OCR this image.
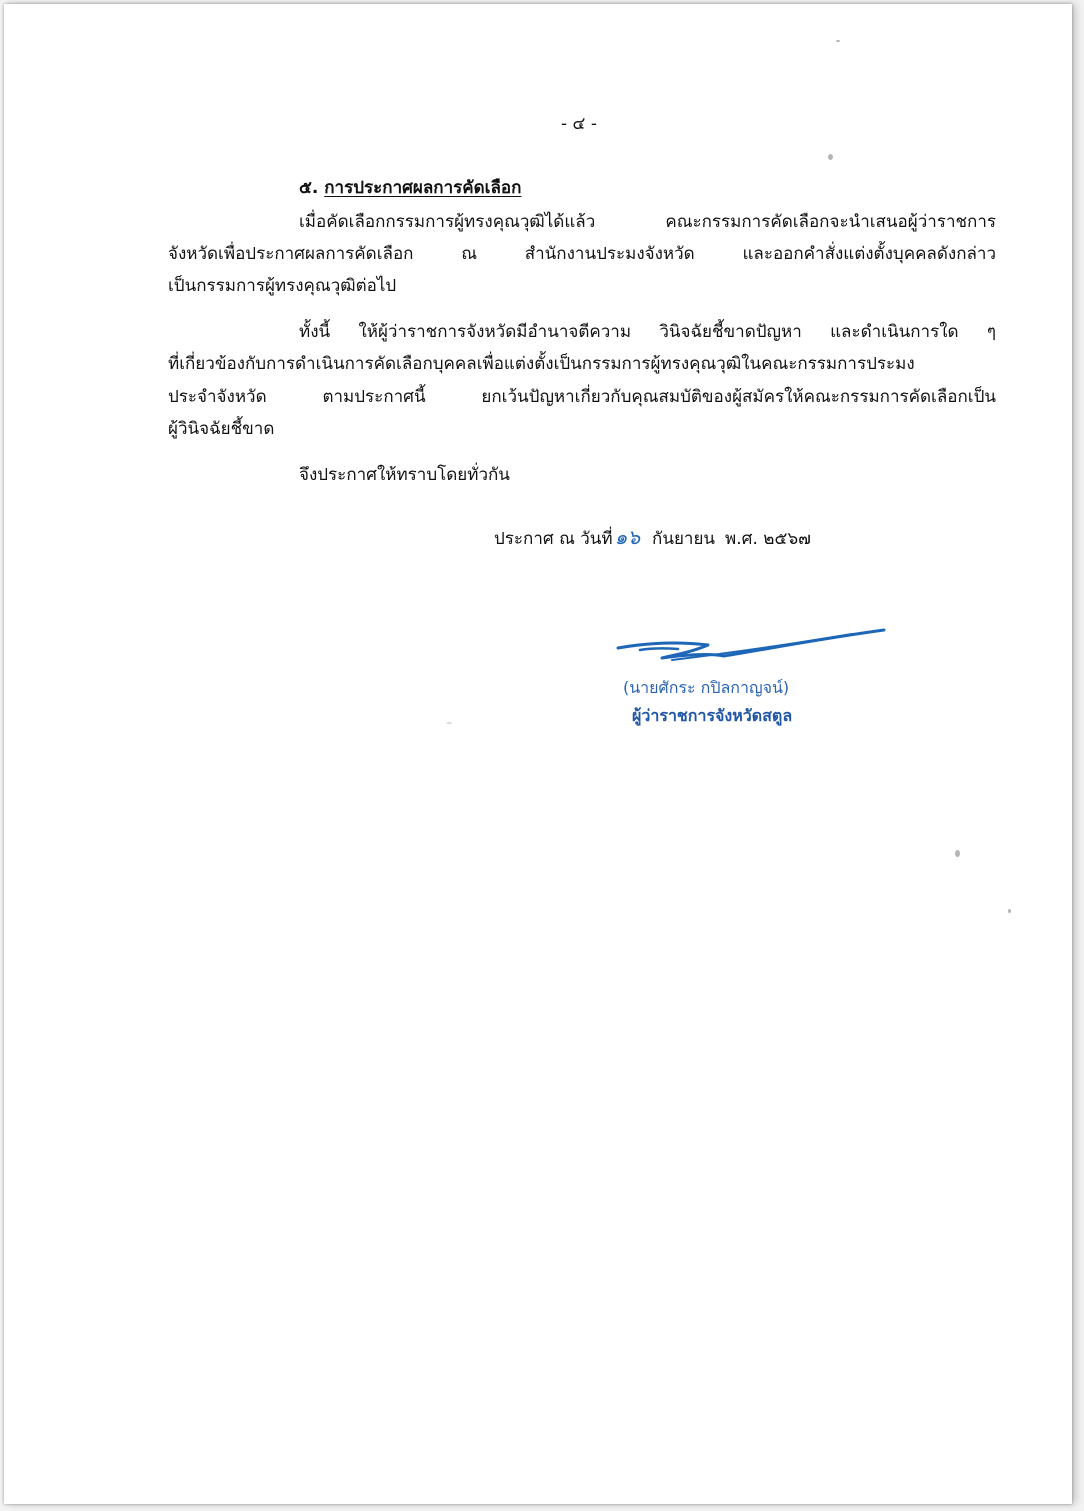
- ๔ -
๕. การประกาศผลการคัดเลือก
เมื่อคัดเลือกกรรมการผู้ทรงคุณวุฒิได้แล้ว คณะกรรมการคัดเลือกจะนำเสนอผู้ว่าราชการ
จังหวัดเพื่อประกาศผลการคัดเลือก ณ สำนักงานประมงจังหวัด และออกคำสั่งแต่งตั้งบุคคลดังกล่าว
เป็นกรรมการผู้ทรงคุณวุฒิต่อไป
ทั้งนี้ ให้ผู้ว่าราชการจังหวัดมีอำนาจตีความ วินิจฉัยชี้ขาดปัญหา และดำเนินการใด ๆ
ที่เกี่ยวข้องกับการดำเนินการคัดเลือกบุคคลเพื่อแต่งตั้งเป็นกรรมการผู้ทรงคุณวุฒิในคณะกรรมการประมง
ประจำจังหวัด ตามประกาศนี้ ยกเว้นปัญหาเกี่ยวกับคุณสมบัติของผู้สมัครให้คณะกรรมการคัดเลือกเป็น
ผู้วินิจฉัยชี้ขาด
จึงประกาศให้ทราบโดยทั่วกัน
ประกาศ ณ วันที่ ๑๖ กันยายน พ.ศ. ๒๕๖๗
(นายศักระ กปิลกาญจน์)
ผู้ว่าราชการจังหวัดสตูล
